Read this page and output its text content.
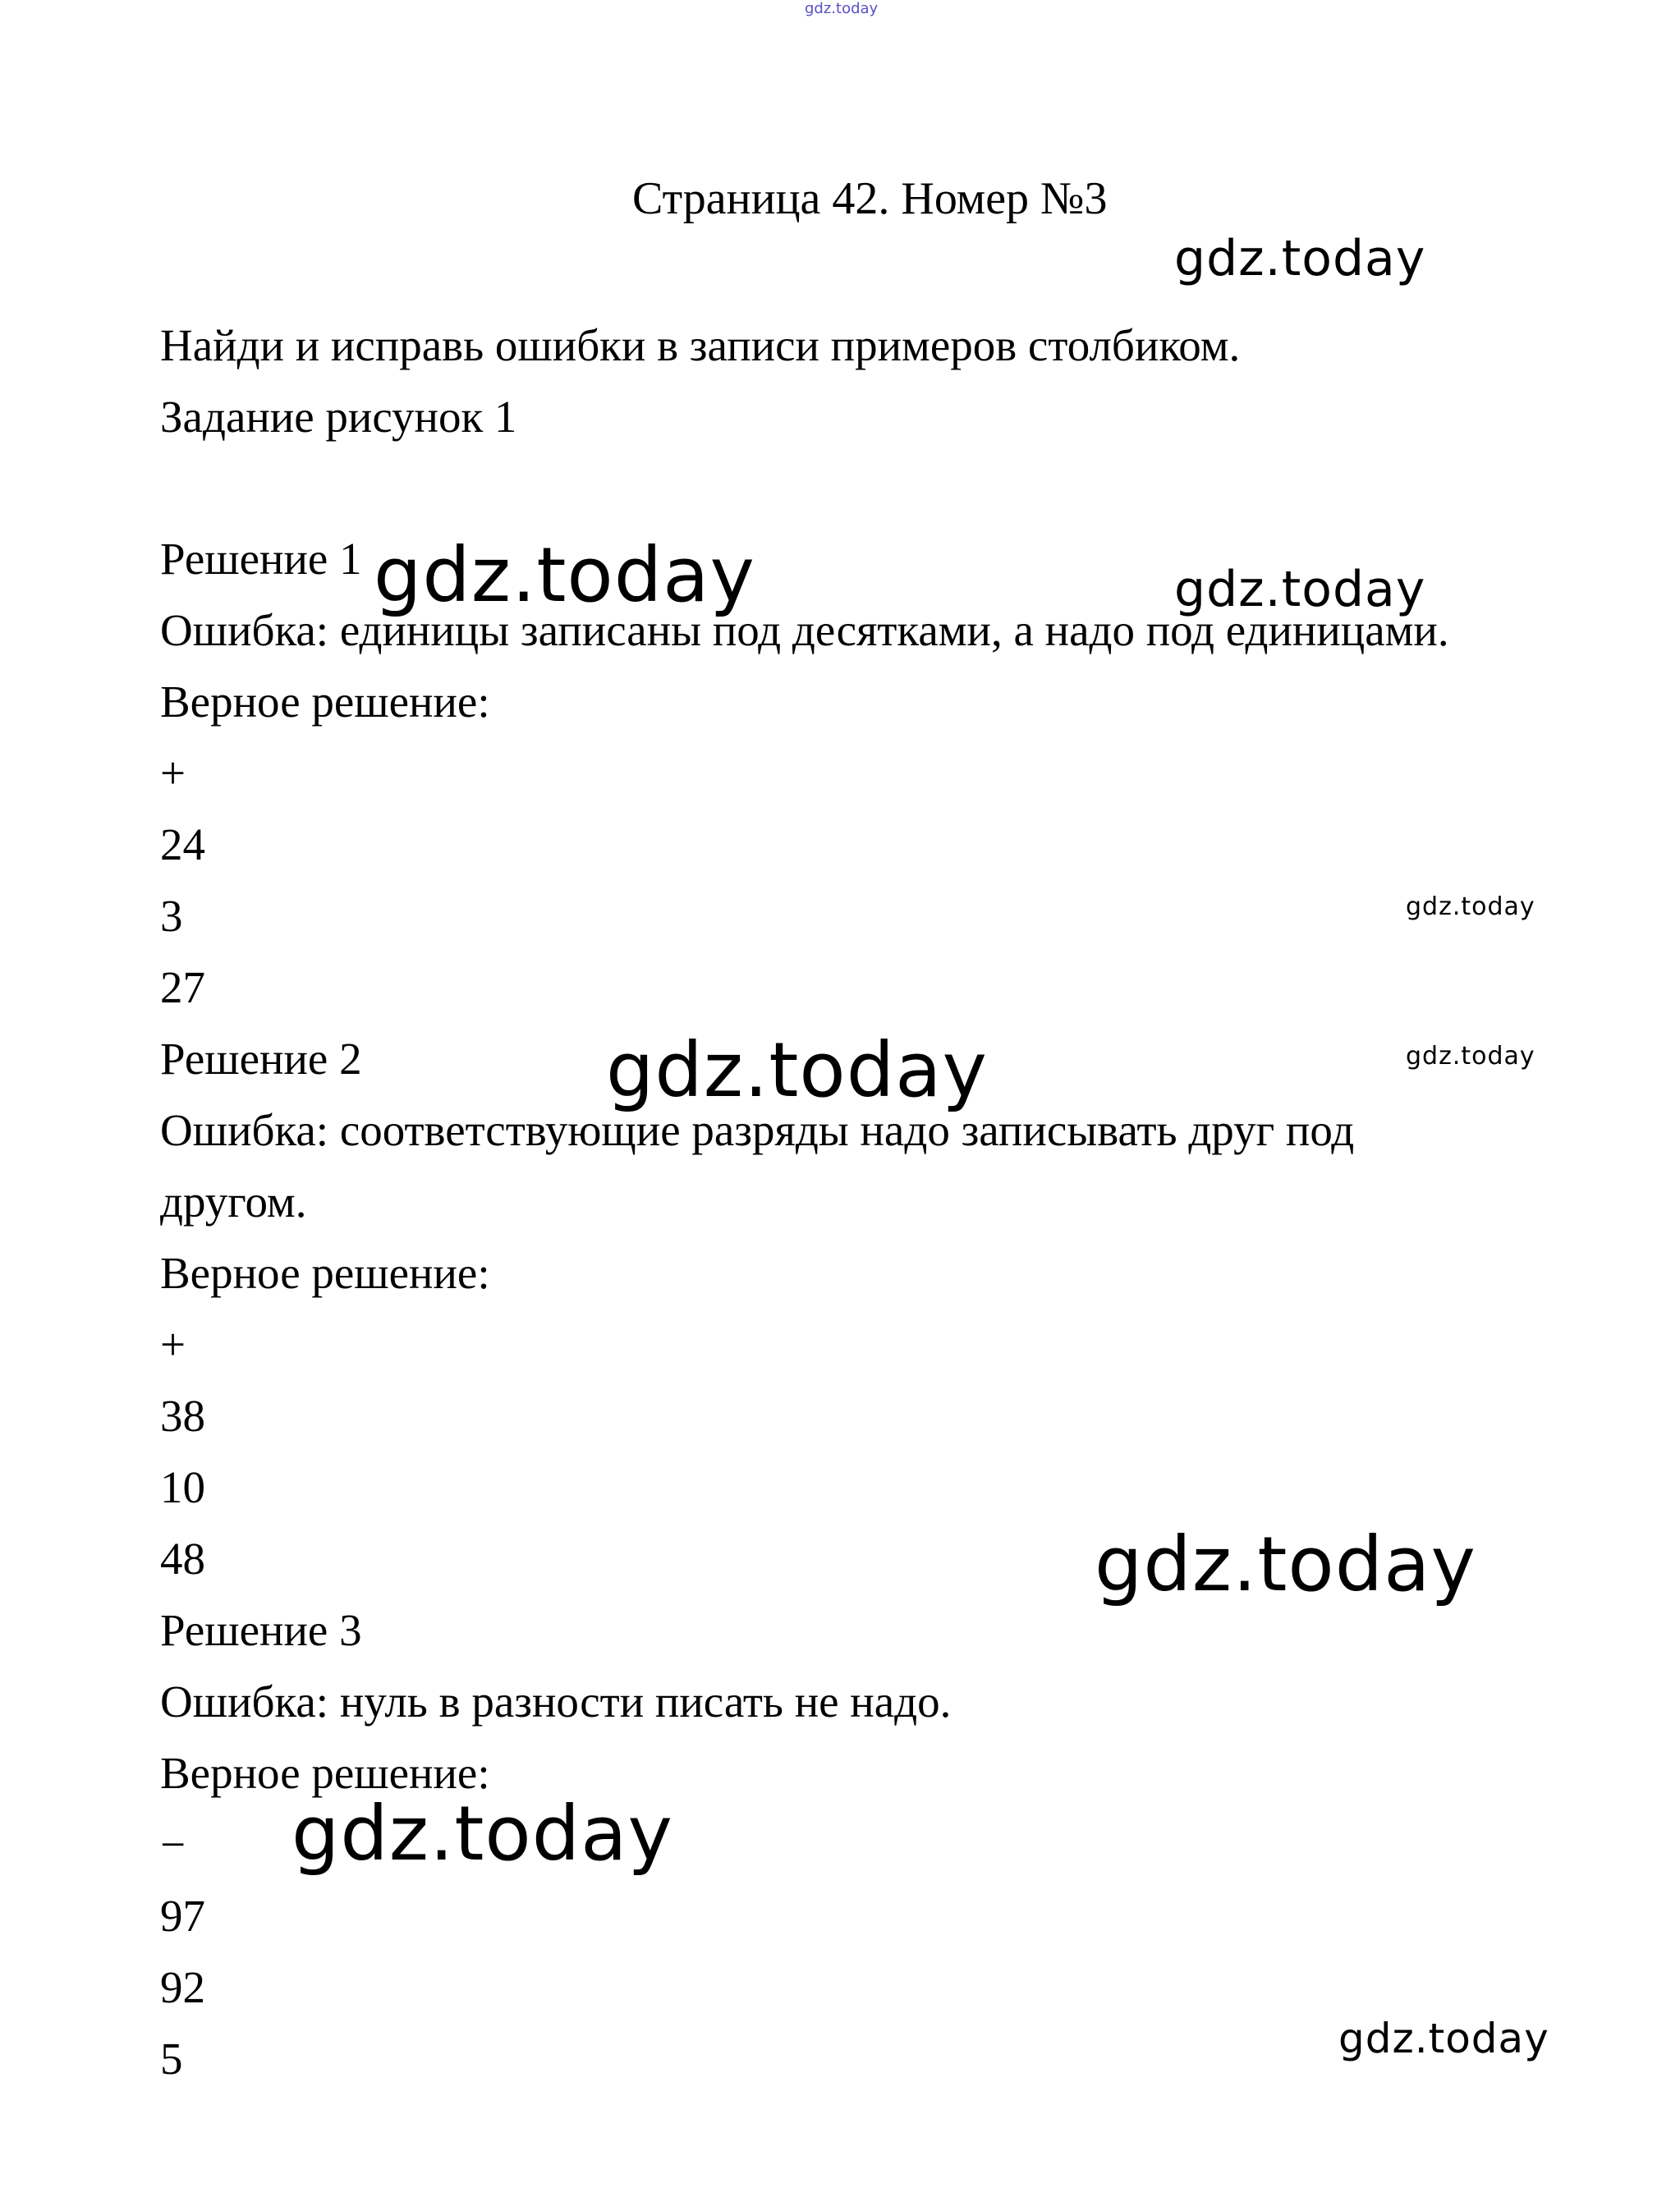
gdz.today
Страница 42. Номер №3
Найди и исправь ошибки в записи примеров столбиком.
Задание рисунок 1
Решение 1
Ошибка: единицы записаны под десятками, а надо под единицами.
Верное решение:
+
24
3
27
Решение 2
Ошибка: соответствующие разряды надо записывать друг под
другом.
Верное решение:
+
38
10
48
Решение 3
Ошибка: нуль в разности писать не надо.
Верное решение:
−
97
92
5
gdz.today
gdz.today	gdz.today
gdz.today
gdz.today
gdz.today
gdz.today
gdz.today
gdz.today
